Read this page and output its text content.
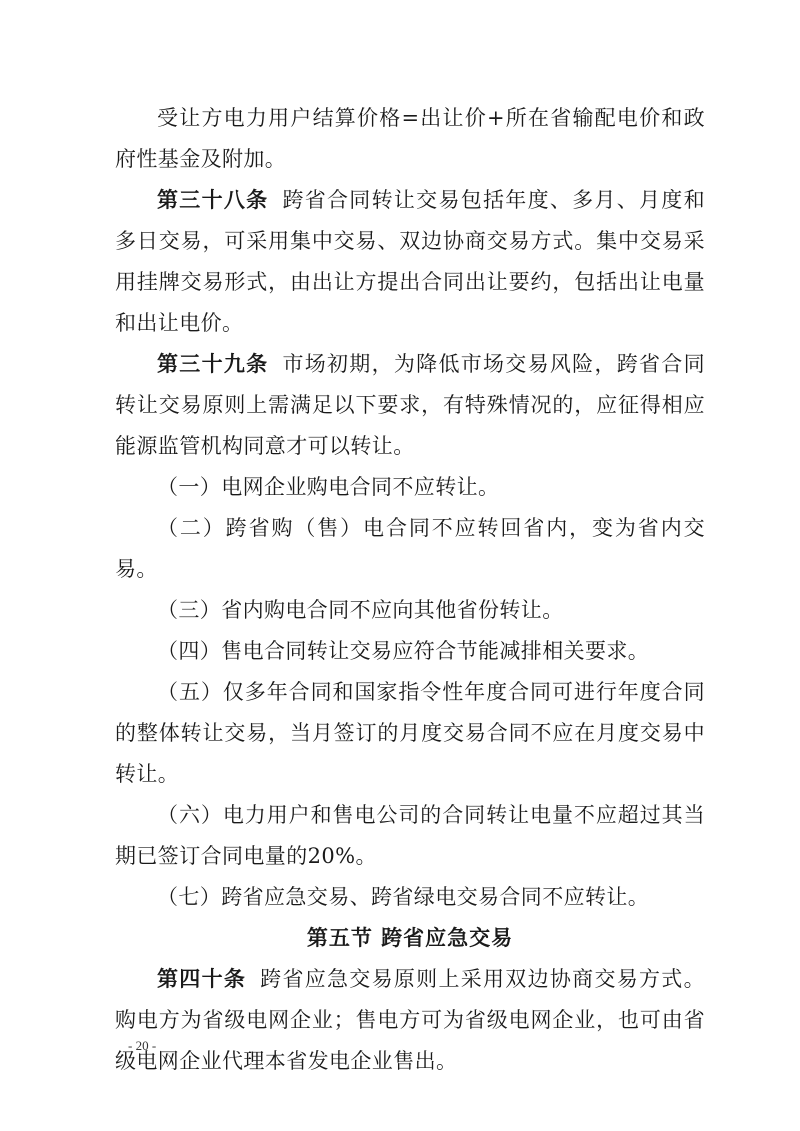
受让方电力用户结算价格=出让价+所在省输配电价和政府性基金及附加。

第三十八条 跨省合同转让交易包括年度、多月、月度和多日交易，可采用集中交易、双边协商交易方式。集中交易采用挂牌交易形式，由出让方提出合同出让要约，包括出让电量和出让电价。

第三十九条 市场初期，为降低市场交易风险，跨省合同转让交易原则上需满足以下要求，有特殊情况的，应征得相应能源监管机构同意才可以转让。

（一）电网企业购电合同不应转让。

（二）跨省购（售）电合同不应转回省内，变为省内交易。

（三）省内购电合同不应向其他省份转让。

（四）售电合同转让交易应符合节能减排相关要求。

（五）仅多年合同和国家指令性年度合同可进行年度合同的整体转让交易，当月签订的月度交易合同不应在月度交易中转让。

（六）电力用户和售电公司的合同转让电量不应超过其当期已签订合同电量的20%。

（七）跨省应急交易、跨省绿电交易合同不应转让。

第五节 跨省应急交易

第四十条 跨省应急交易原则上采用双边协商交易方式。购电方为省级电网企业；售电方可为省级电网企业，也可由省级电网企业代理本省发电企业售出。

- 20 -
